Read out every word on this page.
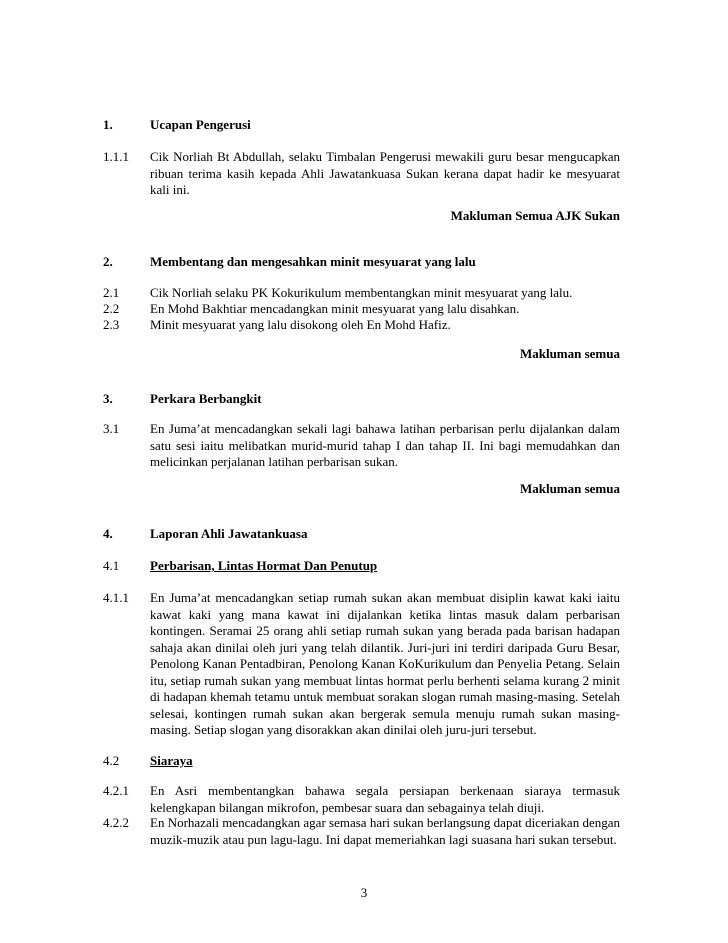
1.	Ucapan Pengerusi
1.1.1	Cik Norliah Bt Abdullah, selaku Timbalan Pengerusi mewakili guru besar mengucapkan ribuan terima kasih kepada Ahli Jawatankuasa Sukan kerana dapat hadir ke mesyuarat kali ini.
Makluman Semua AJK Sukan
2.	Membentang dan mengesahkan minit mesyuarat yang lalu
2.1	Cik Norliah selaku PK Kokurikulum membentangkan minit mesyuarat yang lalu.
2.2	En Mohd Bakhtiar mencadangkan minit mesyuarat yang lalu disahkan.
2.3	Minit mesyuarat yang lalu disokong oleh En Mohd Hafiz.
Makluman semua
3.	Perkara Berbangkit
3.1	En Juma’at mencadangkan sekali lagi bahawa latihan perbarisan perlu dijalankan dalam satu sesi iaitu melibatkan murid-murid tahap I dan tahap II. Ini bagi memudahkan dan melicinkan perjalanan latihan perbarisan sukan.
Makluman semua
4.	Laporan Ahli Jawatankuasa
4.1	Perbarisan, Lintas Hormat Dan Penutup
4.1.1	En Juma’at mencadangkan setiap rumah sukan akan membuat disiplin kawat kaki iaitu kawat kaki yang mana kawat ini dijalankan ketika lintas masuk dalam perbarisan kontingen. Seramai 25 orang ahli setiap rumah sukan yang berada pada barisan hadapan sahaja akan dinilai oleh juri yang telah dilantik. Juri-juri ini terdiri daripada Guru Besar, Penolong Kanan Pentadbiran, Penolong Kanan KoKurikulum dan Penyelia Petang. Selain itu, setiap rumah sukan yang membuat lintas hormat perlu berhenti selama kurang 2 minit di hadapan khemah tetamu untuk membuat sorakan slogan rumah masing-masing. Setelah selesai, kontingen rumah sukan akan bergerak semula menuju rumah sukan masing-masing. Setiap slogan yang disorakkan akan dinilai oleh juru-juri tersebut.
4.2	Siaraya
4.2.1	En Asri membentangkan bahawa segala persiapan berkenaan siaraya termasuk kelengkapan bilangan mikrofon, pembesar suara dan sebagainya telah diuji.
4.2.2	En Norhazali mencadangkan agar semasa hari sukan berlangsung dapat diceriakan dengan muzik-muzik atau pun lagu-lagu. Ini dapat memeriahkan lagi suasana hari sukan tersebut.
3
